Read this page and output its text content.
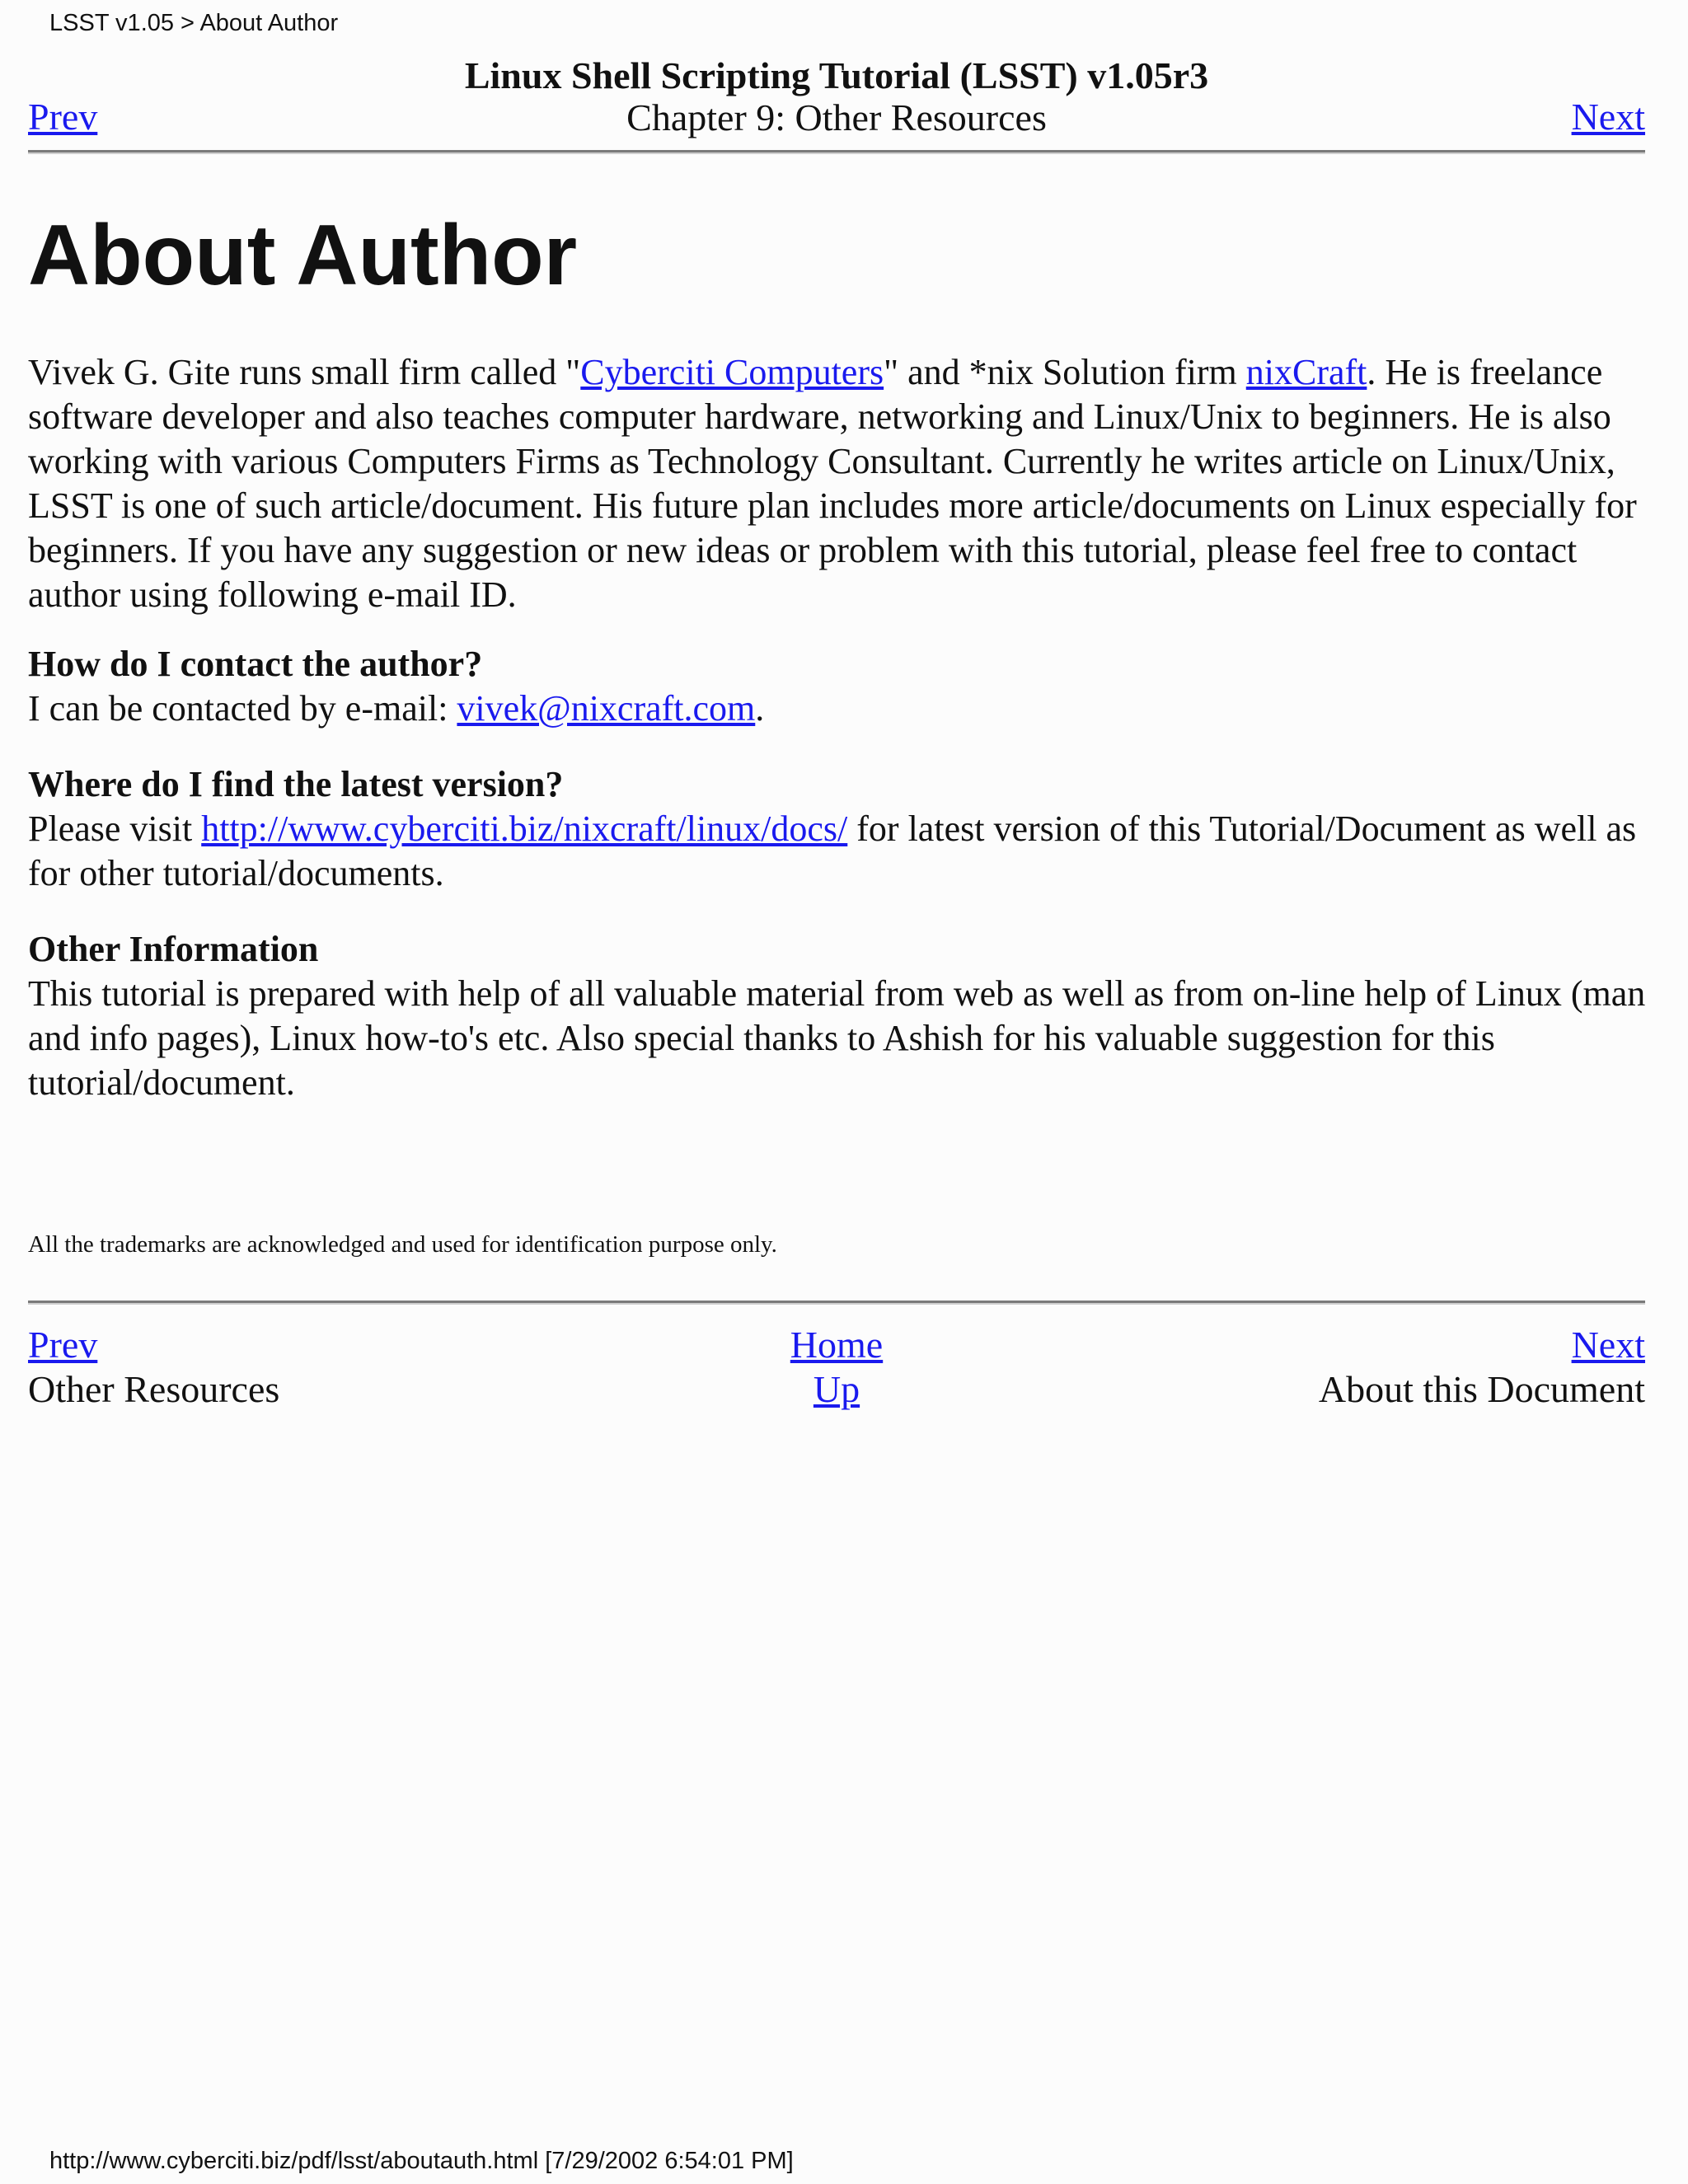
LSST v1.05 > About Author
Linux Shell Scripting Tutorial (LSST) v1.05r3
Chapter 9: Other Resources
Prev	Next
About Author

Vivek G. Gite runs small firm called "Cyberciti Computers" and *nix Solution firm nixCraft. He is freelance software developer and also teaches computer hardware, networking and Linux/Unix to beginners. He is also working with various Computers Firms as Technology Consultant. Currently he writes article on Linux/Unix, LSST is one of such article/document. His future plan includes more article/documents on Linux especially for beginners. If you have any suggestion or new ideas or problem with this tutorial, please feel free to contact author using following e-mail ID.

How do I contact the author?
I can be contacted by e-mail: vivek@nixcraft.com.
Where do I find the latest version?
Please visit http://www.cyberciti.biz/nixcraft/linux/docs/ for latest version of this Tutorial/Document as well as for other tutorial/documents.
Other Information
This tutorial is prepared with help of all valuable material from web as well as from on-line help of Linux (man and info pages), Linux how-to's etc. Also special thanks to Ashish for his valuable suggestion for this tutorial/document.
All the trademarks are acknowledged and used for identification purpose only.
Prev
Other Resources
Home
Up
Next
About this Document
http://www.cyberciti.biz/pdf/lsst/aboutauth.html [7/29/2002 6:54:01 PM]
